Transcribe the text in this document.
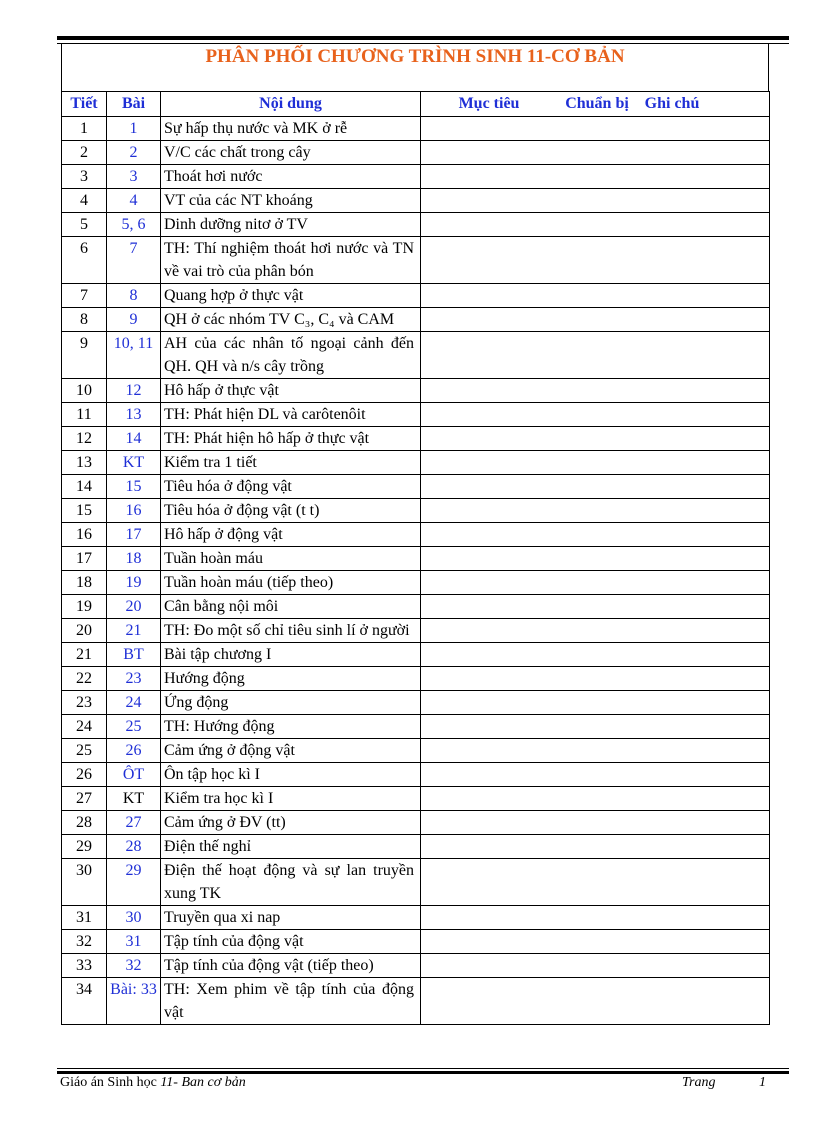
PHÂN PHỐI CHƯƠNG TRÌNH SINH 11-CƠ BẢN
Tiết	Bài	Nội dung	Mục tiêu Chuẩn bị Ghi chú
1	1	Sự hấp thụ nước và MK ở rễ	
2	2	V/C các chất trong cây	
3	3	Thoát hơi nước	
4	4	VT của các NT khoáng	
5	5, 6	Dinh dưỡng nitơ ở TV	
6	7	TH: Thí nghiệm thoát hơi nước và TN về vai trò của phân bón	
7	8	Quang hợp ở thực vật	
8	9	QH ở các nhóm TV C₃, C₄ và CAM	
9	10, 11	AH của các nhân tố ngoại cảnh đến QH. QH và n/s cây trồng	
10	12	Hô hấp ở thực vật	
11	13	TH: Phát hiện DL và carôtenôit	
12	14	TH: Phát hiện hô hấp ở thực vật	
13	KT	Kiểm tra 1 tiết	
14	15	Tiêu hóa ở động vật	
15	16	Tiêu hóa ở động vật (t t)	
16	17	Hô hấp ở động vật	
17	18	Tuần hoàn máu	
18	19	Tuần hoàn máu (tiếp theo)	
19	20	Cân bằng nội môi	
20	21	TH: Đo một số chỉ tiêu sinh lí ở người	
21	BT	Bài tập chương I	
22	23	Hướng động	
23	24	Ứng động	
24	25	TH: Hướng động	
25	26	Cảm ứng ở động vật	
26	ÔT	Ôn tập học kì I	
27	KT	Kiểm tra học kì I	
28	27	Cảm ứng ở ĐV (tt)	
29	28	Điện thế nghỉ	
30	29	Điện thế hoạt động và sự lan truyền xung TK	
31	30	Truyền qua xi nap	
32	31	Tập tính của động vật	
33	32	Tập tính của động vật (tiếp theo)	
34	Bài: 33	TH: Xem phim về tập tính của động vật	
Giáo án Sinh học 11- Ban cơ bản	Trang	1
